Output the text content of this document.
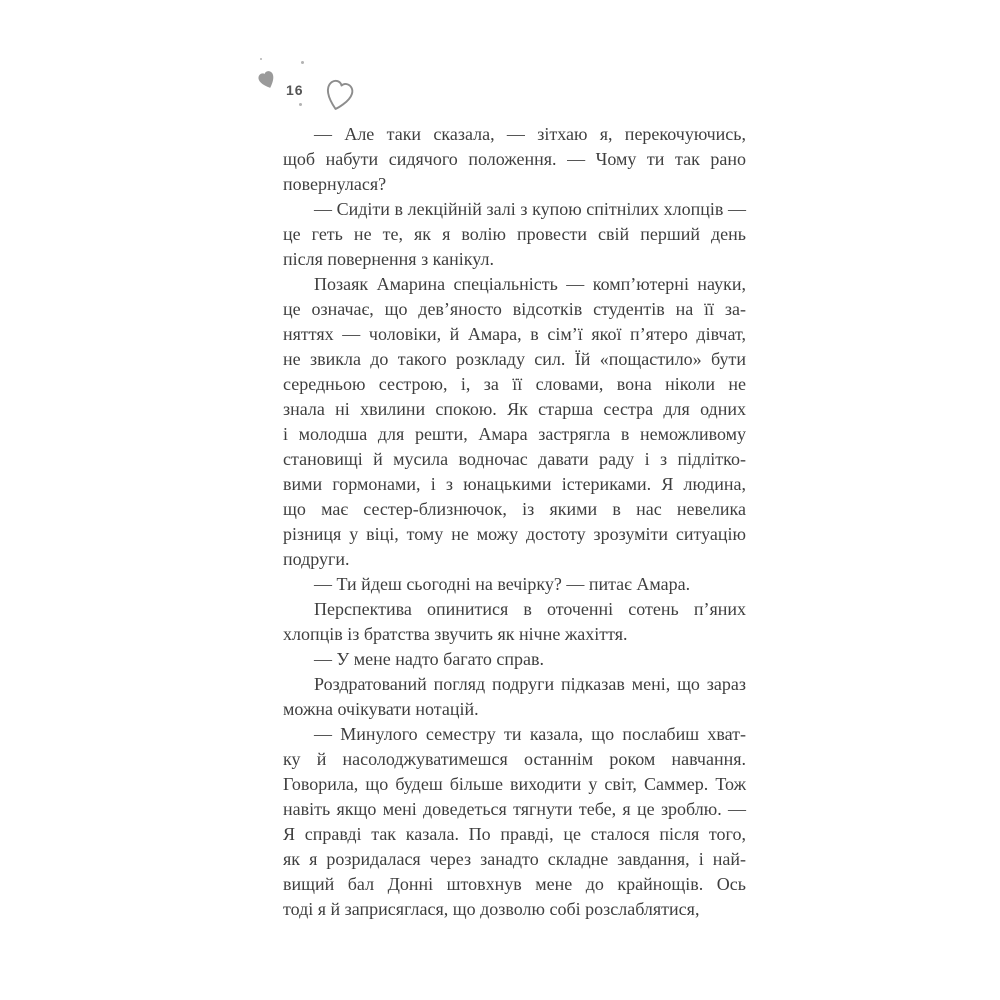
16
— Але таки сказала, — зітхаю я, перекочуючись,
щоб набути сидячого положення. — Чому ти так рано
повернулася?
— Сидіти в лекційній залі з купою спітнілих хлопців —
це геть не те, як я волію провести свій перший день
після повернення з канікул.
Позаяк Амарина спеціальність — комп’ютерні науки,
це означає, що дев’яносто відсотків студентів на її за-
няттях — чоловіки, й Амара, в сім’ї якої п’ятеро дівчат,
не звикла до такого розкладу сил. Їй «пощастило» бути
середньою сестрою, і, за її словами, вона ніколи не
знала ні хвилини спокою. Як старша сестра для одних
і молодша для решти, Амара застрягла в неможливому
становищі й мусила водночас давати раду і з підлітко-
вими гормонами, і з юнацькими істериками. Я людина,
що має сестер-близнючок, із якими в нас невелика
різниця у віці, тому не можу достоту зрозуміти ситуацію
подруги.
— Ти йдеш сьогодні на вечірку? — питає Амара.
Перспектива опинитися в оточенні сотень п’яних
хлопців із братства звучить як нічне жахіття.
— У мене надто багато справ.
Роздратований погляд подруги підказав мені, що зараз
можна очікувати нотацій.
— Минулого семестру ти казала, що послабиш хват-
ку й насолоджуватимешся останнім роком навчання.
Говорила, що будеш більше виходити у світ, Саммер. Тож
навіть якщо мені доведеться тягнути тебе, я це зроблю. —
Я справді так казала. По правді, це сталося після того,
як я розридалася через занадто складне завдання, і най-
вищий бал Донні штовхнув мене до крайнощів. Ось
тоді я й заприсяглася, що дозволю собі розслаблятися,
